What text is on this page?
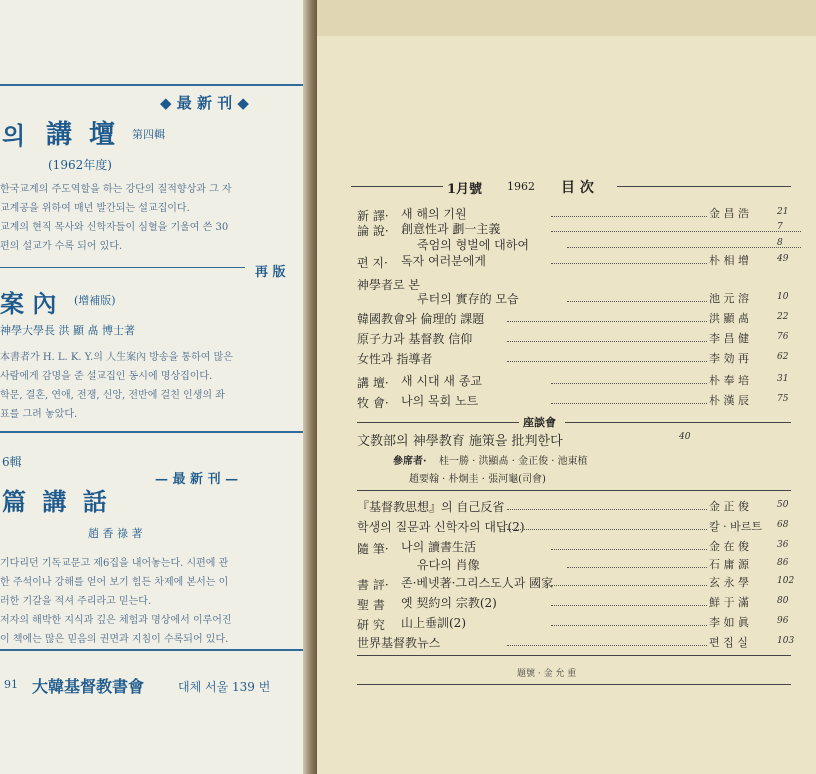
◆ 最 新 刊 ◆
의 講 壇 第四輯
(1962年度)
한국교계의 주도역할을 하는 강단의 질적향상과 그 자
교계공을 위하여 매년 발간되는 설교집이다.
교계의 현직 목사와 신학자들이 심혈을 기울여 쓴 30
편의 설교가 수록 되어 있다.
再 版
案 內 (增補版)
神學大學長 洪 顯 卨 博士著
本書者가 H. L. K. Y.의 人生案內 방송을 통하여 많은
사람에게 감명을 준 설교집인 동시에 명상집이다.
학문, 결혼, 연애, 전쟁, 신앙, 전반에 걸친 인생의 좌
표를 그려 놓았다.
6輯
— 最 新 刊 —
篇 講 話
趙 香 祿 著
기다리던 기독교문고 제6집을 내어놓는다. 시편에 관
한 주석이나 강해를 얻어 보기 힘든 차제에 본서는 이
러한 기갈을 적셔 주리라고 믿는다.
저자의 해박한 지식과 깊은 체험과 명상에서 이루어진
이 책에는 많은 믿음의 권면과 지침이 수록되어 있다.
91 大韓基督教書會	대체 서울 139 번
1月號 1962 目 次
新 譯· 새 해의 기원	金 昌 浩	21
論 說· 創意性과 劃一主義	7
죽엄의 형벌에 대하여	8
편 지· 독자 여러분에게	朴 相 增	49
神學者로 본
루터의 實存的 모습	池 元 溶	10
韓國教會와 倫理的 課題	洪 顯 卨	22
原子力과 基督教 信仰	李 昌 健	76
女性과 指導者	李 効 再	62
講 壇· 새 시대 새 종교	朴 奉 培	31
牧 會· 나의 목회 노트	朴 漢 辰	75
座談會
文教部의 神學教育 施策을 批判한다	40
參席者· 桂一勝 · 洪顯卨 · 金正俊 · 池東植
趙要翰 · 朴炯圭 · 張河龜(司會)
『基督教思想』의 自己反省	金 正 俊	50
학생의 질문과 신학자의 대답(2)	칼 · 바르트 68
隨 筆· 나의 讀書生活	金 在 俊	36
유다의 肖像	石 庸 源	86
書 評· 존·베넷著·그리스도人과 國家	玄 永 學	102
聖 書 옛 契約의 宗教(2)	鮮 于 滿	80
研 究 山上垂訓(2)	李 如 眞	96
世界基督教뉴스	편 집 실	103
題號 · 金 允 重
